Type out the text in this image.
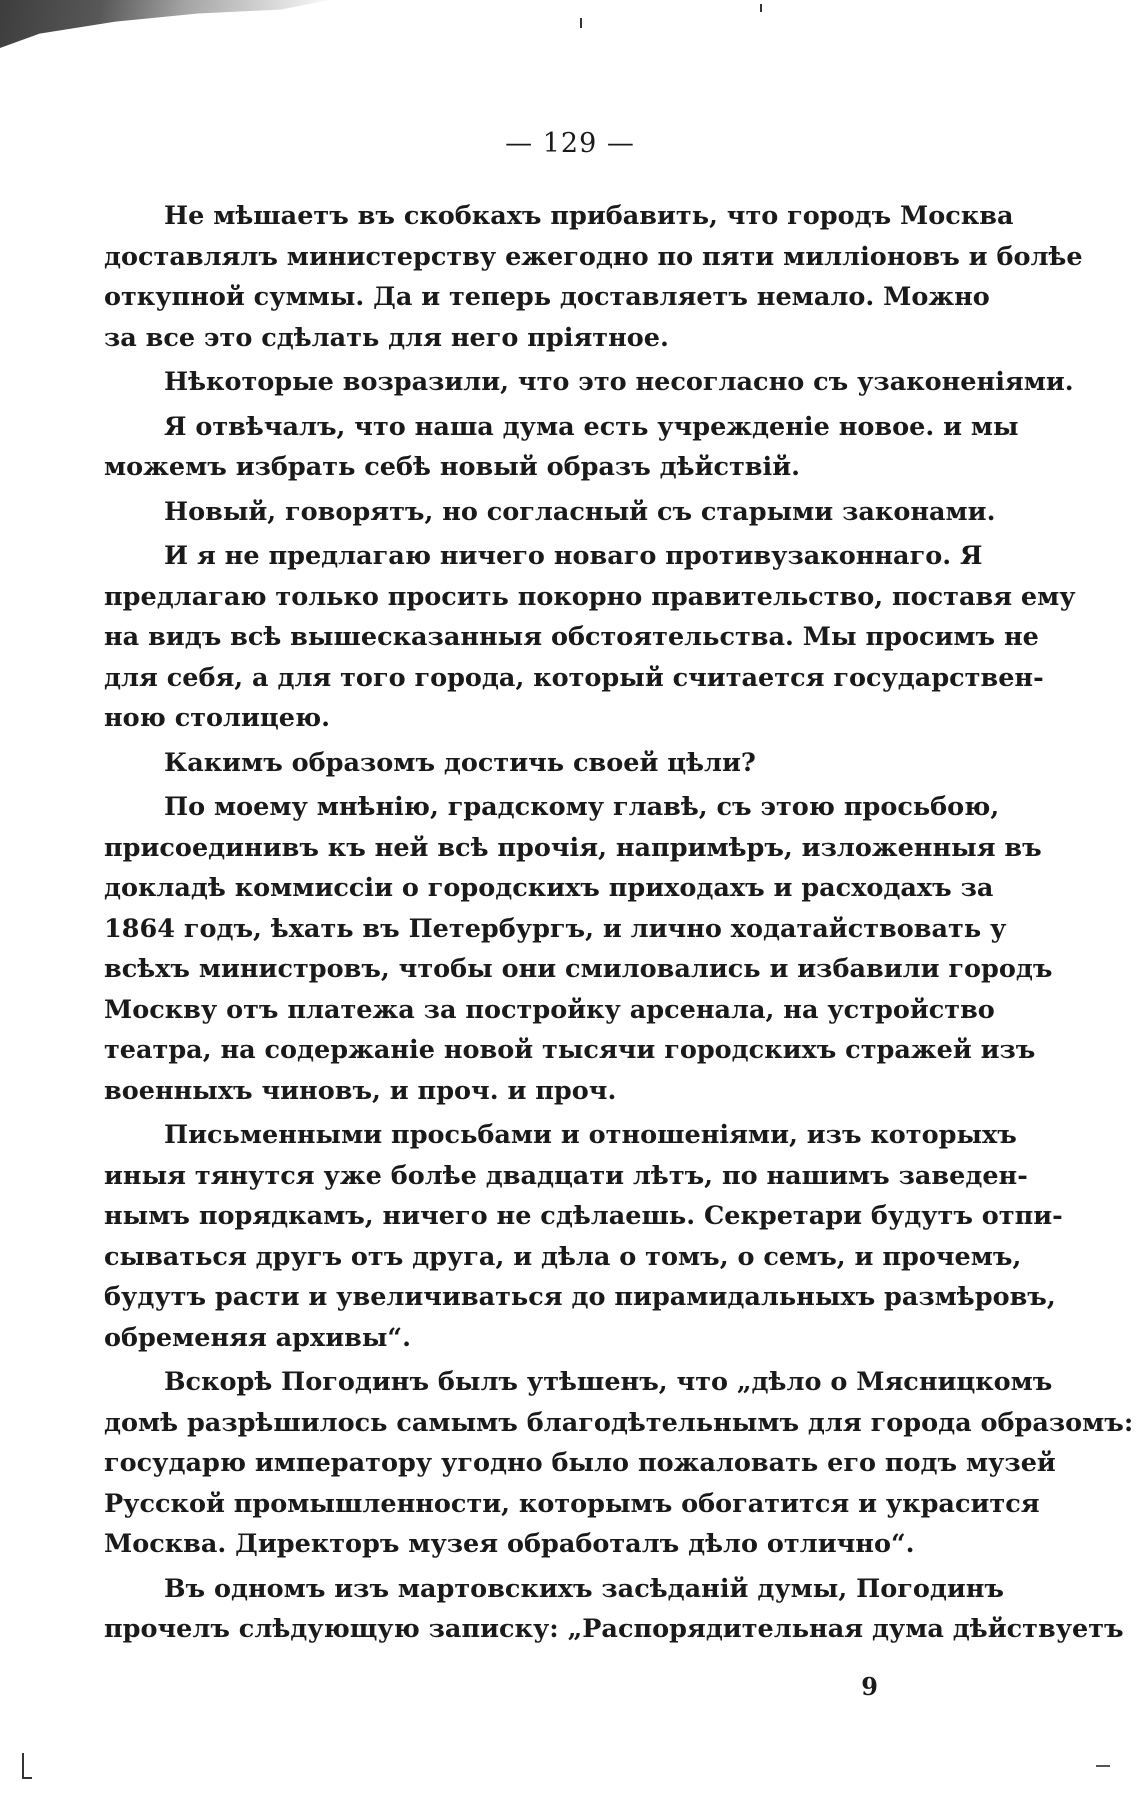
— 129 —
Не мѣшаетъ въ скобкахъ прибавить, что городъ Москва
доставлялъ министерству ежегодно по пяти милліоновъ и болѣе
откупной суммы. Да и теперь доставляетъ немало. Можно
за все это сдѣлать для него пріятное.
Нѣкоторые возразили, что это несогласно съ узаконеніями.
Я отвѣчалъ, что наша дума есть учрежденіе новое. и мы
можемъ избрать себѣ новый образъ дѣйствій.
Новый, говорятъ, но согласный съ старыми законами.
И я не предлагаю ничего новаго противузаконнаго. Я
предлагаю только просить покорно правительство, поставя ему
на видъ всѣ вышесказанныя обстоятельства. Мы просимъ не
для себя, а для того города, который считается государствен-
ною столицею.
Какимъ образомъ достичь своей цѣли?
По моему мнѣнію, градскому главѣ, съ этою просьбою,
присоединивъ къ ней всѣ прочія, напримѣръ, изложенныя въ
докладѣ коммиссіи о городскихъ приходахъ и расходахъ за
1864 годъ, ѣхать въ Петербургъ, и лично ходатайствовать у
всѣхъ министровъ, чтобы они смиловались и избавили городъ
Москву отъ платежа за постройку арсенала, на устройство
театра, на содержаніе новой тысячи городскихъ стражей изъ
военныхъ чиновъ, и проч. и проч.
Письменными просьбами и отношеніями, изъ которыхъ
иныя тянутся уже болѣе двадцати лѣтъ, по нашимъ заведен-
нымъ порядкамъ, ничего не сдѣлаешь. Секретари будутъ отпи-
сываться другъ отъ друга, и дѣла о томъ, о семъ, и прочемъ,
будутъ расти и увеличиваться до пирамидальныхъ размѣровъ,
обременяя архивы“.
Вскорѣ Погодинъ былъ утѣшенъ, что „дѣло о Мясницкомъ
домѣ разрѣшилось самымъ благодѣтельнымъ для города образомъ:
государю императору угодно было пожаловать его подъ музей
Русской промышленности, которымъ обогатится и украсится
Москва. Директоръ музея обработалъ дѣло отлично“.
Въ одномъ изъ мартовскихъ засѣданій думы, Погодинъ
прочелъ слѣдующую записку: „Распорядительная дума дѣйствуетъ
9
